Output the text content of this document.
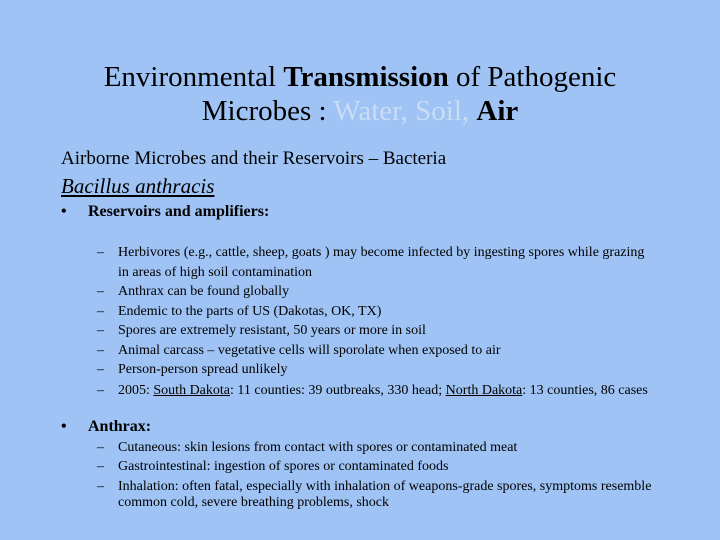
Environmental Transmission of Pathogenic
Microbes : Water, Soil, Air
Airborne Microbes and their Reservoirs – Bacteria
Bacillus anthracis
• Reservoirs and amplifiers:
–	Herbivores (e.g., cattle, sheep, goats ) may become infected by ingesting spores while grazing in areas of high soil contamination
–	Anthrax can be found globally
–	Endemic to the parts of US (Dakotas, OK, TX)
–	Spores are extremely resistant, 50 years or more in soil
–	Animal carcass – vegetative cells will sporolate when exposed to air
–	Person-person spread unlikely
–	2005: South Dakota: 11 counties: 39 outbreaks, 330 head; North Dakota: 13 counties, 86 cases
• Anthrax:
–	Cutaneous: skin lesions from contact with spores or contaminated meat
–	Gastrointestinal: ingestion of spores or contaminated foods
–	Inhalation: often fatal, especially with inhalation of weapons-grade spores, symptoms resemble common cold, severe breathing problems, shock
